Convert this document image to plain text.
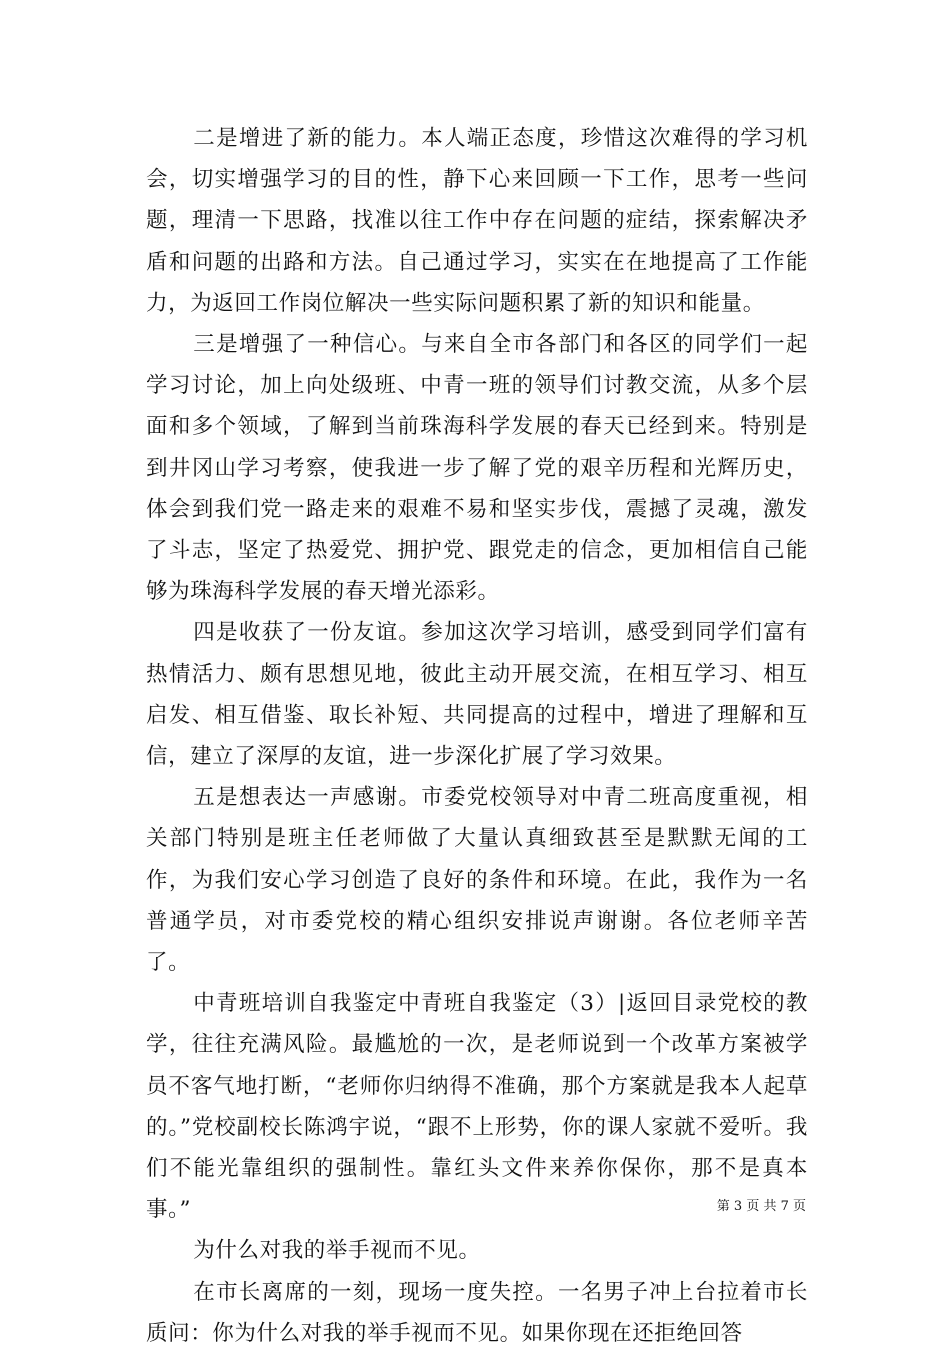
二是增进了新的能力。本人端正态度，珍惜这次难得的学习机会，切实增强学习的目的性，静下心来回顾一下工作，思考一些问题，理清一下思路，找准以往工作中存在问题的症结，探索解决矛盾和问题的出路和方法。自己通过学习，实实在在地提高了工作能力，为返回工作岗位解决一些实际问题积累了新的知识和能量。

三是增强了一种信心。与来自全市各部门和各区的同学们一起学习讨论，加上向处级班、中青一班的领导们讨教交流，从多个层面和多个领域，了解到当前珠海科学发展的春天已经到来。特别是到井冈山学习考察，使我进一步了解了党的艰辛历程和光辉历史，体会到我们党一路走来的艰难不易和坚实步伐，震撼了灵魂，激发了斗志，坚定了热爱党、拥护党、跟党走的信念，更加相信自己能够为珠海科学发展的春天增光添彩。

四是收获了一份友谊。参加这次学习培训，感受到同学们富有热情活力、颇有思想见地，彼此主动开展交流，在相互学习、相互启发、相互借鉴、取长补短、共同提高的过程中，增进了理解和互信，建立了深厚的友谊，进一步深化扩展了学习效果。

五是想表达一声感谢。市委党校领导对中青二班高度重视，相关部门特别是班主任老师做了大量认真细致甚至是默默无闻的工作，为我们安心学习创造了良好的条件和环境。在此，我作为一名普通学员，对市委党校的精心组织安排说声谢谢。各位老师辛苦了。

中青班培训自我鉴定中青班自我鉴定（3）|返回目录党校的教学，往往充满风险。最尴尬的一次，是老师说到一个改革方案被学员不客气地打断，“老师你归纳得不准确，那个方案就是我本人起草的。”党校副校长陈鸿宇说，“跟不上形势，你的课人家就不爱听。我们不能光靠组织的强制性。靠红头文件来养你保你，那不是真本事。”

为什么对我的举手视而不见。

在市长离席的一刻，现场一度失控。一名男子冲上台拉着市长质问：你为什么对我的举手视而不见。如果你现在还拒绝回答

第 3 页 共 7 页
